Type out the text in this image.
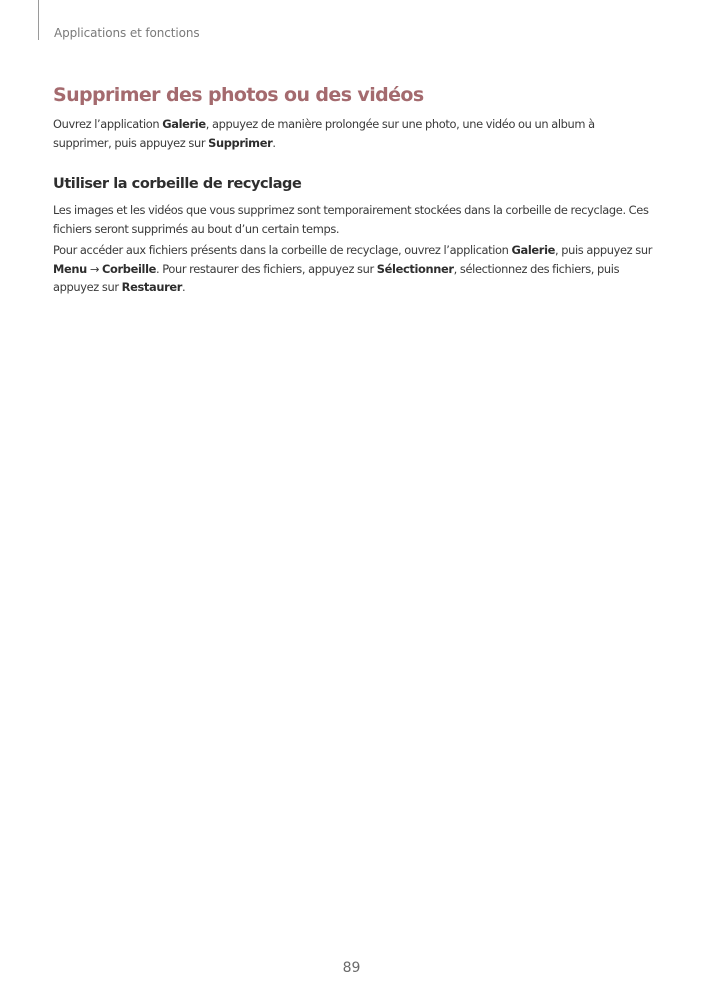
Applications et fonctions
Supprimer des photos ou des vidéos

Ouvrez l’application Galerie, appuyez de manière prolongée sur une photo, une vidéo ou un album à supprimer, puis appuyez sur Supprimer.

Utiliser la corbeille de recyclage

Les images et les vidéos que vous supprimez sont temporairement stockées dans la corbeille de recyclage. Ces fichiers seront supprimés au bout d’un certain temps.

Pour accéder aux fichiers présents dans la corbeille de recyclage, ouvrez l’application Galerie, puis appuyez sur Menu → Corbeille. Pour restaurer des fichiers, appuyez sur Sélectionner, sélectionnez des fichiers, puis appuyez sur Restaurer.

89
